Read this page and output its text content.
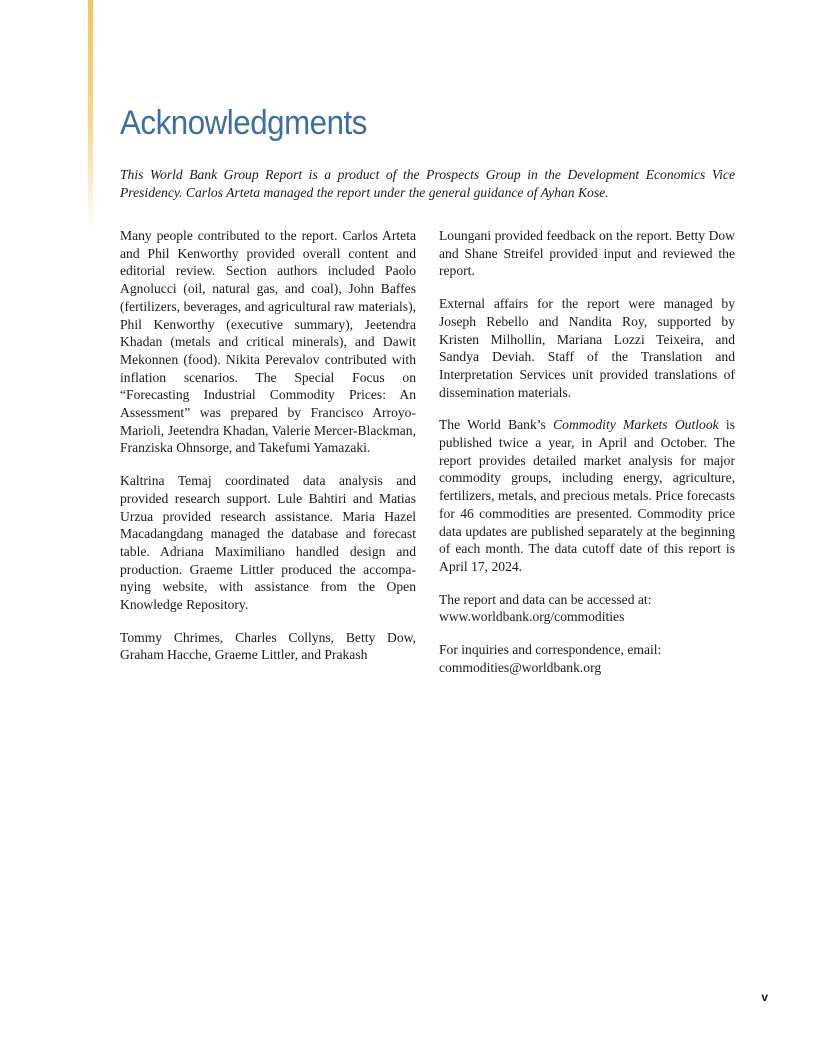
Acknowledgments

This World Bank Group Report is a product of the Prospects Group in the Development Economics Vice Presidency. Carlos Arteta managed the report under the general guidance of Ayhan Kose.

Many people contributed to the report. Carlos Arteta and Phil Kenworthy provided overall content and editorial review. Section authors included Paolo Agnolucci (oil, natural gas, and coal), John Baffes (fertilizers, beverages, and agricultural raw materials), Phil Kenworthy (executive summary), Jeetendra Khadan (metals and critical minerals), and Dawit Mekonnen (food). Nikita Perevalov contributed with inflation scenarios. The Special Focus on “Forecasting Industrial Commodity Prices: An Assessment” was prepared by Francisco Arroyo-Marioli, Jeetendra Khadan, Valerie Mercer-Blackman, Franziska Ohnsorge, and Takefumi Yamazaki.

Kaltrina Temaj coordinated data analysis and provided research support. Lule Bahtiri and Matias Urzua provided research assistance. Maria Hazel Macadangdang managed the database and forecast table. Adriana Maximiliano handled design and production. Graeme Littler produced the accompa-nying website, with assistance from the Open Knowledge Repository.

Tommy Chrimes, Charles Collyns, Betty Dow, Graham Hacche, Graeme Littler, and Prakash

Loungani provided feedback on the report. Betty Dow and Shane Streifel provided input and reviewed the report.

External affairs for the report were managed by Joseph Rebello and Nandita Roy, supported by Kristen Milhollin, Mariana Lozzi Teixeira, and Sandya Deviah. Staff of the Translation and Interpretation Services unit provided translations of dissemination materials.

The World Bank’s Commodity Markets Outlook is published twice a year, in April and October. The report provides detailed market analysis for major commodity groups, including energy, agriculture, fertilizers, metals, and precious metals. Price forecasts for 46 commodities are presented. Commodity price data updates are published separately at the beginning of each month. The data cutoff date of this report is April 17, 2024.

The report and data can be accessed at:
www.worldbank.org/commodities

For inquiries and correspondence, email:
commodities@worldbank.org

v
